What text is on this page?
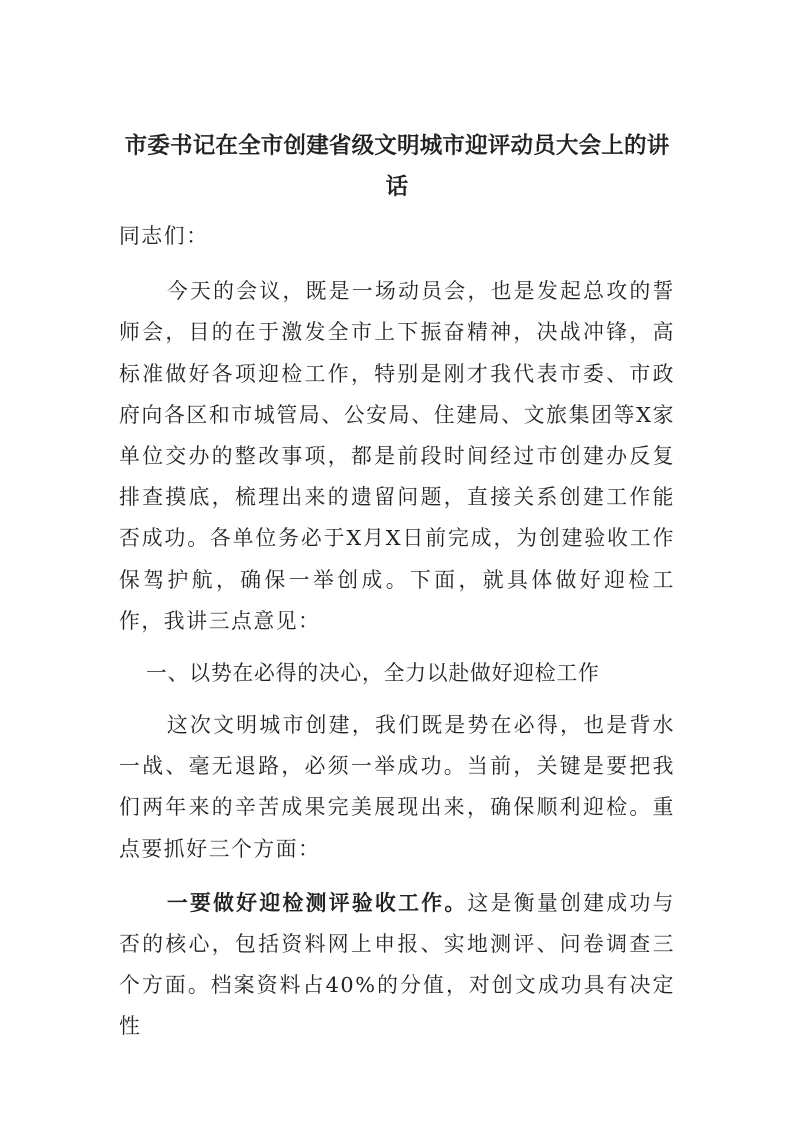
市委书记在全市创建省级文明城市迎评动员大会上的讲话

同志们：

今天的会议，既是一场动员会，也是发起总攻的誓师会，目的在于激发全市上下振奋精神，决战冲锋，高标准做好各项迎检工作，特别是刚才我代表市委、市政府向各区和市城管局、公安局、住建局、文旅集团等X家单位交办的整改事项，都是前段时间经过市创建办反复排查摸底，梳理出来的遗留问题，直接关系创建工作能否成功。各单位务必于X月X日前完成，为创建验收工作保驾护航，确保一举创成。下面，就具体做好迎检工作，我讲三点意见：

一、以势在必得的决心，全力以赴做好迎检工作

这次文明城市创建，我们既是势在必得，也是背水一战、毫无退路，必须一举成功。当前，关键是要把我们两年来的辛苦成果完美展现出来，确保顺利迎检。重点要抓好三个方面：

一要做好迎检测评验收工作。这是衡量创建成功与否的核心，包括资料网上申报、实地测评、问卷调查三个方面。档案资料占40%的分值，对创文成功具有决定性
